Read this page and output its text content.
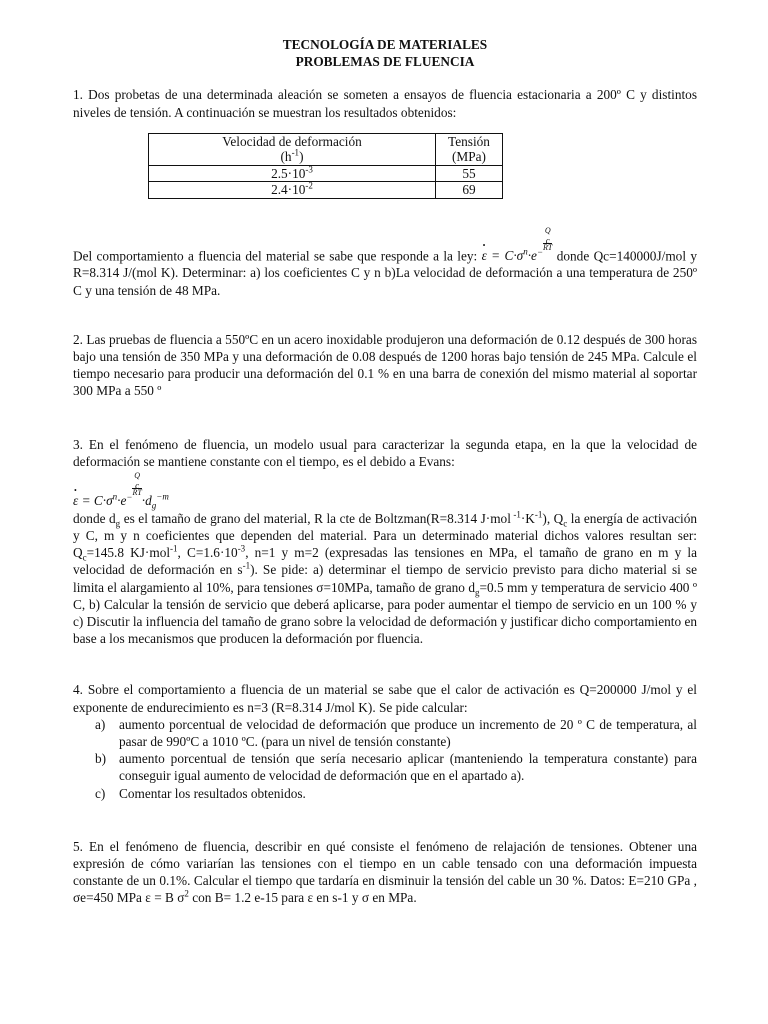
TECNOLOGÍA DE MATERIALES

PROBLEMAS DE FLUENCIA

1. Dos probetas de una determinada aleación se someten a ensayos de fluencia estacionaria a 200º C y distintos niveles de tensión. A continuación se muestran los resultados obtenidos:

Velocidad de deformación
$(h^{-1})$	Tensión
(MPa)
$2.5\cdot 10^{-3}$	55
$2.4\cdot 10^{-2}$	69

Del comportamiento a fluencia del material se sabe que responde a la ley: • $\varepsilon = C\cdot\sigma^n\cdot e^{- Q _c RT}$
donde Qc=140000J/mol y R=8.314 J/(mol K). Determinar: a) los coeficientes C y n b)La velocidad de deformación a una temperatura de 250º C y una tensión de 48 MPa.

2. Las pruebas de fluencia a 550ºC en un acero inoxidable produjeron una deformación de 0.12 después de 300 horas bajo una tensión de 350 MPa y una deformación de 0.08 después de 1200 horas bajo tensión de 245 MPa. Calcule el tiempo necesario para producir una deformación del 0.1 % en una barra de conexión del mismo material al soportar 300 MPa a 550 º

3. En el fenómeno de fluencia, un modelo usual para caracterizar la segunda etapa, en la que la velocidad de deformación se mantiene constante con el tiempo, es el debido a Evans:

• $\varepsilon = C\cdot\sigma^n\cdot e^{- Q _c RT}$
$\cdot d_g^{-m}$

donde $d_g$ es el tamaño de grano del material, R la cte de Boltzman(R=8.314 J·mol $^{-1}\cdot K^{-1}$), $Q_c$ la energía de activación y C, m y n coeficientes que dependen del material. Para un determinado material dichos valores resultan ser: $Q_c=145.8$ KJ·mol$^{-1}$, $C=1.6\cdot 10^{-3}$, n=1 y m=2 (expresadas las tensiones en MPa, el tamaño de grano en m y la velocidad de deformación en $s^{-1}$). Se pide: a) determinar el tiempo de servicio previsto para dicho material si se limita el alargamiento al 10%, para tensiones σ=10MPa, tamaño de grano $d_g=0.5$ mm y temperatura de servicio 400 º C, b) Calcular la tensión de servicio que deberá aplicarse, para poder aumentar el tiempo de servicio en un 100 % y c) Discutir la influencia del tamaño de grano sobre la velocidad de deformación y justificar dicho comportamiento en base a los mecanismos que producen la deformación por fluencia.

4. Sobre el comportamiento a fluencia de un material se sabe que el calor de activación es Q=200000 J/mol y el exponente de endurecimiento es n=3 (R=8.314 J/mol K). Se pide calcular:

a) aumento porcentual de velocidad de deformación que produce un incremento de 20 º C de temperatura, al pasar de 990ºC a 1010 ºC. (para un nivel de tensión constante)
b) aumento porcentual de tensión que sería necesario aplicar (manteniendo la temperatura constante) para conseguir igual aumento de velocidad de deformación que en el apartado a).
c) Comentar los resultados obtenidos.

5. En el fenómeno de fluencia, describir en qué consiste el fenómeno de relajación de tensiones. Obtener una expresión de cómo variarían las tensiones con el tiempo en un cable tensado con una deformación impuesta constante de un 0.1%. Calcular el tiempo que tardaría en disminuir la tensión del cable un 30 %. Datos: E=210 GPa , σe=450 MPa ε = B $\sigma^2$ con B= 1.2 e-15 para ε en s-1 y σ en MPa.
